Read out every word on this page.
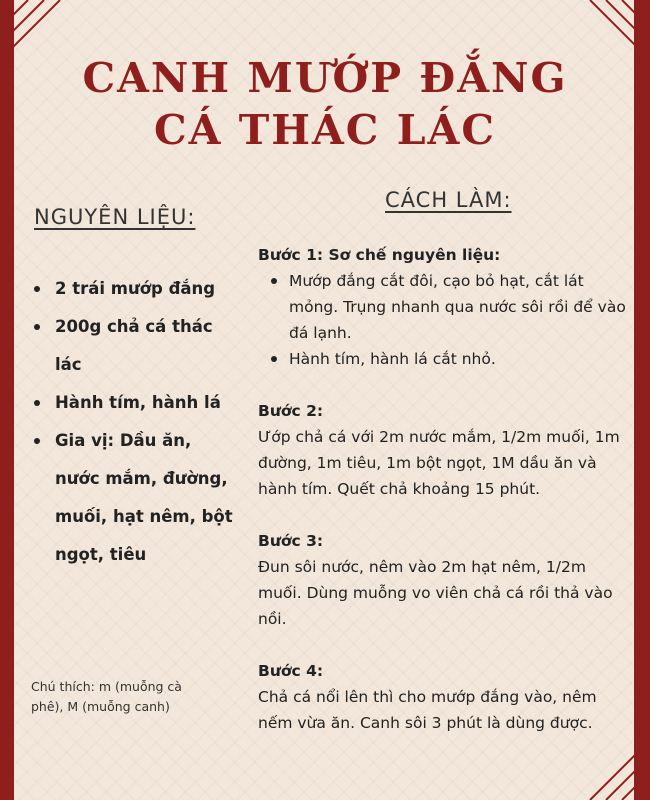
CANH MƯỚP ĐẮNG
CÁ THÁC LÁC
NGUYÊN LIỆU:
2 trái mướp đắng
200g chả cá thác lác
Hành tím, hành lá
Gia vị: Dầu ăn, nước mắm, đường, muối, hạt nêm, bột ngọt, tiêu
Chú thích: m (muỗng cà phê), M (muỗng canh)
CÁCH LÀM:
Bước 1: Sơ chế nguyên liệu:
Mướp đắng cắt đôi, cạo bỏ hạt, cắt lát mỏng. Trụng nhanh qua nước sôi rồi để vào đá lạnh.
Hành tím, hành lá cắt nhỏ.
Bước 2:
Ướp chả cá với 2m nước mắm, 1/2m muối, 1m đường, 1m tiêu, 1m bột ngọt, 1M dầu ăn và hành tím. Quết chả khoảng 15 phút.
Bước 3:
Đun sôi nước, nêm vào 2m hạt nêm, 1/2m muối. Dùng muỗng vo viên chả cá rồi thả vào nồi.
Bước 4:
Chả cá nổi lên thì cho mướp đắng vào, nêm nếm vừa ăn. Canh sôi 3 phút là dùng được.
